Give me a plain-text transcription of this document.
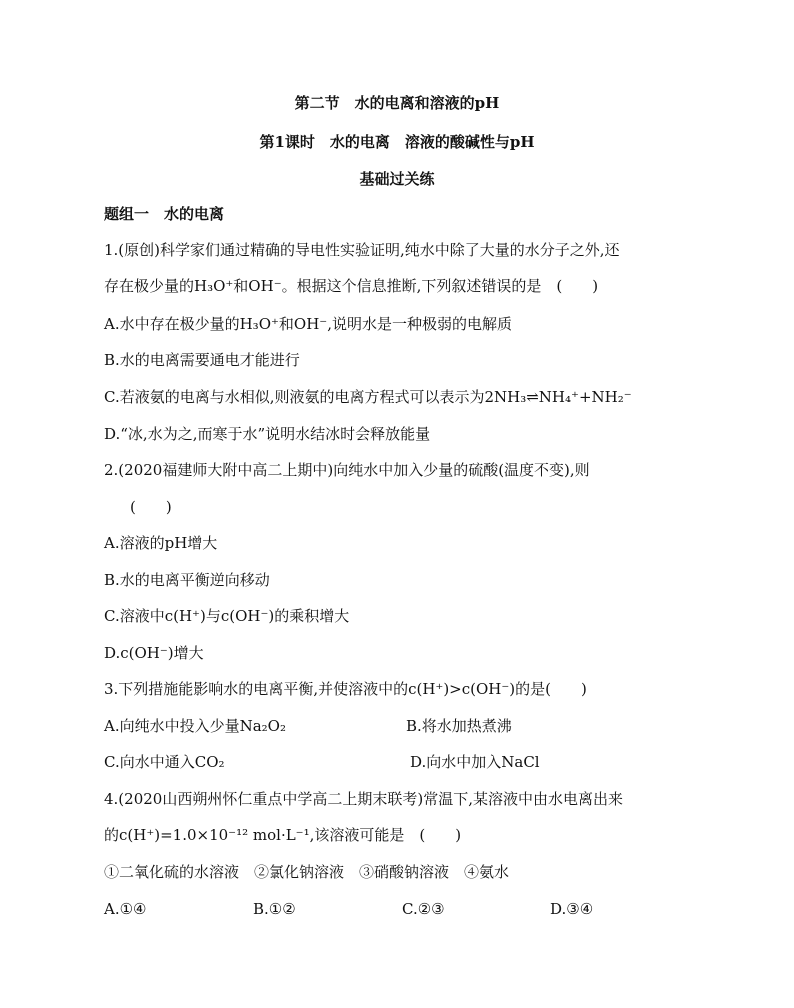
第二节　水的电离和溶液的pH
第1课时　水的电离　溶液的酸碱性与pH
基础过关练
题组一　水的电离
1.(原创)科学家们通过精确的导电性实验证明,纯水中除了大量的水分子之外,还
存在极少量的H₃O⁺和OH⁻。根据这个信息推断,下列叙述错误的是　(　　)
A.水中存在极少量的H₃O⁺和OH⁻,说明水是一种极弱的电解质
B.水的电离需要通电才能进行
C.若液氨的电离与水相似,则液氨的电离方程式可以表示为2NH₃⇌NH₄⁺+NH₂⁻
D.“冰,水为之,而寒于水”说明水结冰时会释放能量
2.(2020福建师大附中高二上期中)向纯水中加入少量的硫酸(温度不变),则
(　　)
A.溶液的pH增大
B.水的电离平衡逆向移动
C.溶液中c(H⁺)与c(OH⁻)的乘积增大
D.c(OH⁻)增大
3.下列措施能影响水的电离平衡,并使溶液中的c(H⁺)>c(OH⁻)的是(　　)
A.向纯水中投入少量Na₂O₂	B.将水加热煮沸
C.向水中通入CO₂	D.向水中加入NaCl
4.(2020山西朔州怀仁重点中学高二上期末联考)常温下,某溶液中由水电离出来
的c(H⁺)=1.0×10⁻¹² mol·L⁻¹,该溶液可能是　(　　)
①二氧化硫的水溶液　②氯化钠溶液　③硝酸钠溶液　④氨水
A.①④	B.①②	C.②③	D.③④
